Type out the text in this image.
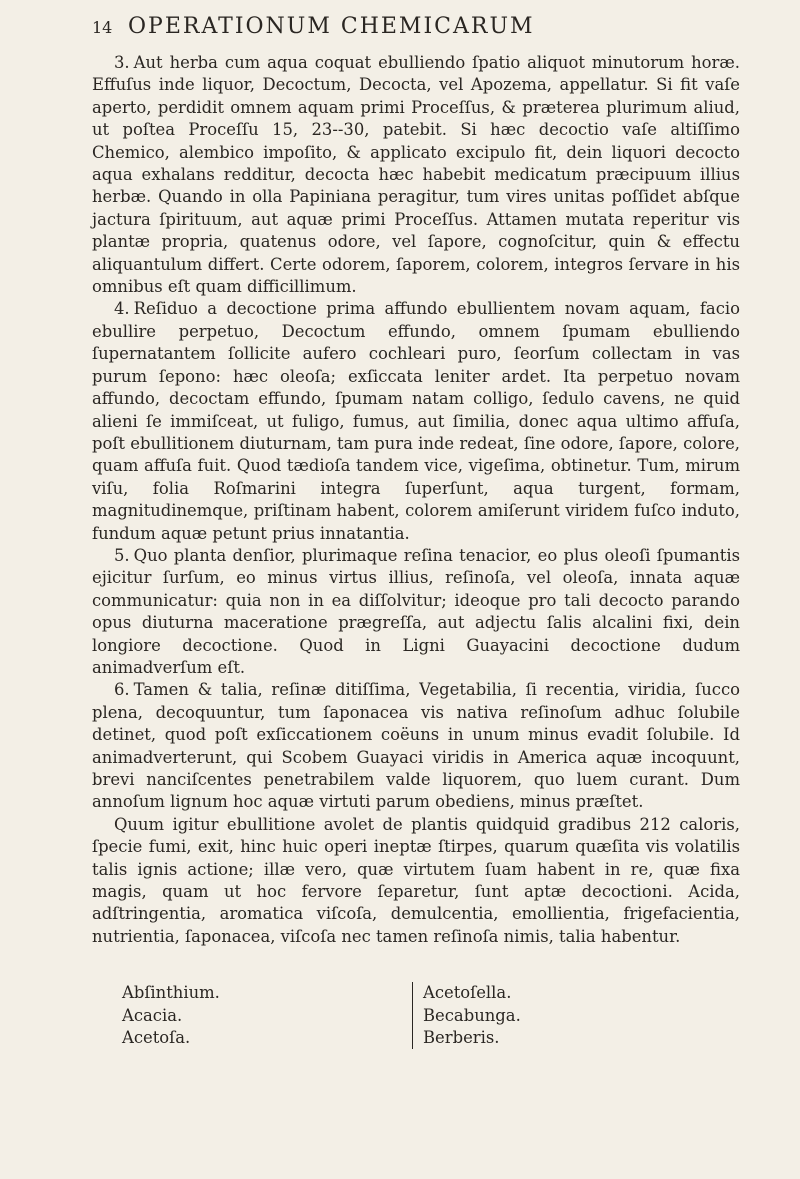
14 OPERATIONUM CHEMICARUM

3. Aut herba cum aqua coquat ebulliendo ſpatio aliquot minutorum horæ. Effuſus inde liquor, Decoctum, Decocta, vel Apozema, appellatur. Si fit vaſe aperto, perdidit omnem aquam primi Proceſſus, & præterea plurimum aliud, ut poſtea Proceſſu 15, 23--30, patebit. Si hæc decoctio vaſe altiſſimo Chemico, alembico impoſito, & applicato excipulo fit, dein liquori decocto aqua exhalans redditur, decocta hæc habebit medicatum præcipuum illius herbæ. Quando in olla Papiniana peragitur, tum vires unitas poſſidet abſque jactura ſpirituum, aut aquæ primi Proceſſus. Attamen mutata reperitur vis plantæ propria, quatenus odore, vel ſapore, cognoſcitur, quin & effectu aliquantulum differt. Certe odorem, ſaporem, colorem, integros ſervare in his omnibus eſt quam difficillimum.

4. Reſiduo a decoctione prima affundo ebullientem novam aquam, facio ebullire perpetuo, Decoctum effundo, omnem ſpumam ebulliendo ſupernatantem ſollicite aufero cochleari puro, ſeorſum collectam in vas purum ſepono: hæc oleoſa; exſiccata leniter ardet. Ita perpetuo novam affundo, decoctam effundo, ſpumam natam colligo, ſedulo cavens, ne quid alieni ſe immiſceat, ut fuligo, fumus, aut ſimilia, donec aqua ultimo affuſa, poſt ebullitionem diuturnam, tam pura inde redeat, ſine odore, ſapore, colore, quam affuſa fuit. Quod tædioſa tandem vice, vigeſima, obtinetur. Tum, mirum viſu, folia Roſmarini integra ſuperſunt, aqua turgent, formam, magnitudinemque, priſtinam habent, colorem amiſerunt viridem fuſco induto, fundum aquæ petunt prius innatantia.

5. Quo planta denſior, plurimaque reſina tenacior, eo plus oleoſi ſpumantis ejicitur ſurſum, eo minus virtus illius, reſinoſa, vel oleoſa, innata aquæ communicatur: quia non in ea diſſolvitur; ideoque pro tali decocto parando opus diuturna maceratione prægreſſa, aut adjectu ſalis alcalini fixi, dein longiore decoctione. Quod in Ligni Guayacini decoctione dudum animadverſum eſt.

6. Tamen & talia, reſinæ ditiſſima, Vegetabilia, ſi recentia, viridia, ſucco plena, decoquuntur, tum ſaponacea vis nativa reſinoſum adhuc ſolubile detinet, quod poſt exſiccationem coëuns in unum minus evadit ſolubile. Id animadverterunt, qui Scobem Guayaci viridis in America aquæ incoquunt, brevi nanciſcentes penetrabilem valde liquorem, quo luem curant. Dum annoſum lignum hoc aquæ virtuti parum obediens, minus præſtet.

Quum igitur ebullitione avolet de plantis quidquid gradibus 212 caloris, ſpecie fumi, exit, hinc huic operi ineptæ ſtirpes, quarum quæſita vis volatilis talis ignis actione; illæ vero, quæ virtutem ſuam habent in re, quæ fixa magis, quam ut hoc fervore ſeparetur, ſunt aptæ decoctioni. Acida, adſtringentia, aromatica viſcoſa, demulcentia, emollientia, frigefacientia, nutrientia, ſaponacea, viſcoſa nec tamen reſinoſa nimis, talia habentur.

Abſinthium.
Acacia.
Acetoſa.
Acetoſella.
Becabunga.
Berberis.
